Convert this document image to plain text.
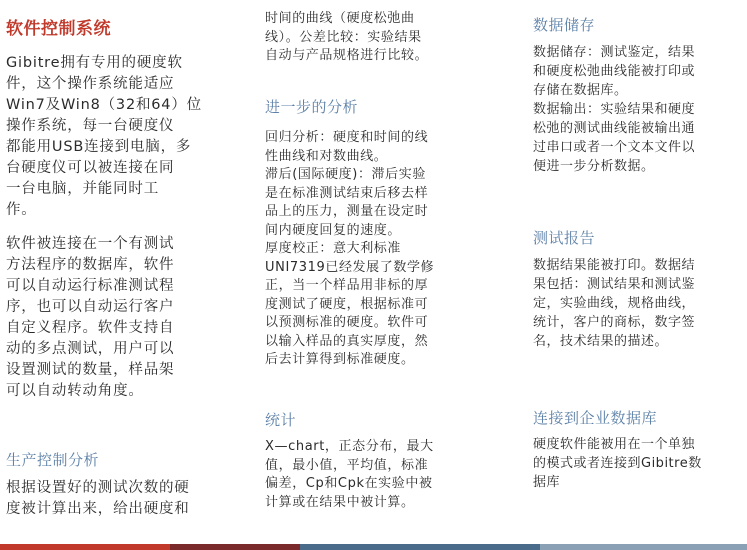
软件控制系统

Gibitre拥有专用的硬度软
件，这个操作系统能适应
Win7及Win8（32和64）位
操作系统，每一台硬度仪
都能用USB连接到电脑，多
台硬度仪可以被连接在同
一台电脑，并能同时工
作。

软件被连接在一个有测试
方法程序的数据库，软件
可以自动运行标准测试程
序，也可以自动运行客户
自定义程序。软件支持自
动的多点测试，用户可以
设置测试的数量，样品架
可以自动转动角度。

生产控制分析

根据设置好的测试次数的硬
度被计算出来，给出硬度和

时间的曲线（硬度松弛曲
线）。公差比较：实验结果
自动与产品规格进行比较。

进一步的分析

回归分析：硬度和时间的线
性曲线和对数曲线。
滞后(国际硬度)：滞后实验
是在标准测试结束后移去样
品上的压力，测量在设定时
间内硬度回复的速度。
厚度校正：意大利标准
UNI7319已经发展了数学修
正，当一个样品用非标的厚
度测试了硬度，根据标准可
以预测标准的硬度。软件可
以输入样品的真实厚度，然
后去计算得到标准硬度。

统计

X—chart，正态分布，最大
值，最小值，平均值，标准
偏差，Cp和Cpk在实验中被
计算或在结果中被计算。

数据储存

数据储存：测试鉴定，结果
和硬度松弛曲线能被打印或
存储在数据库。
数据输出：实验结果和硬度
松弛的测试曲线能被输出通
过串口或者一个文本文件以
便进一步分析数据。

测试报告

数据结果能被打印。数据结
果包括：测试结果和测试鉴
定，实验曲线，规格曲线，
统计，客户的商标，数字签
名，技术结果的描述。

连接到企业数据库

硬度软件能被用在一个单独
的模式或者连接到Gibitre数
据库
